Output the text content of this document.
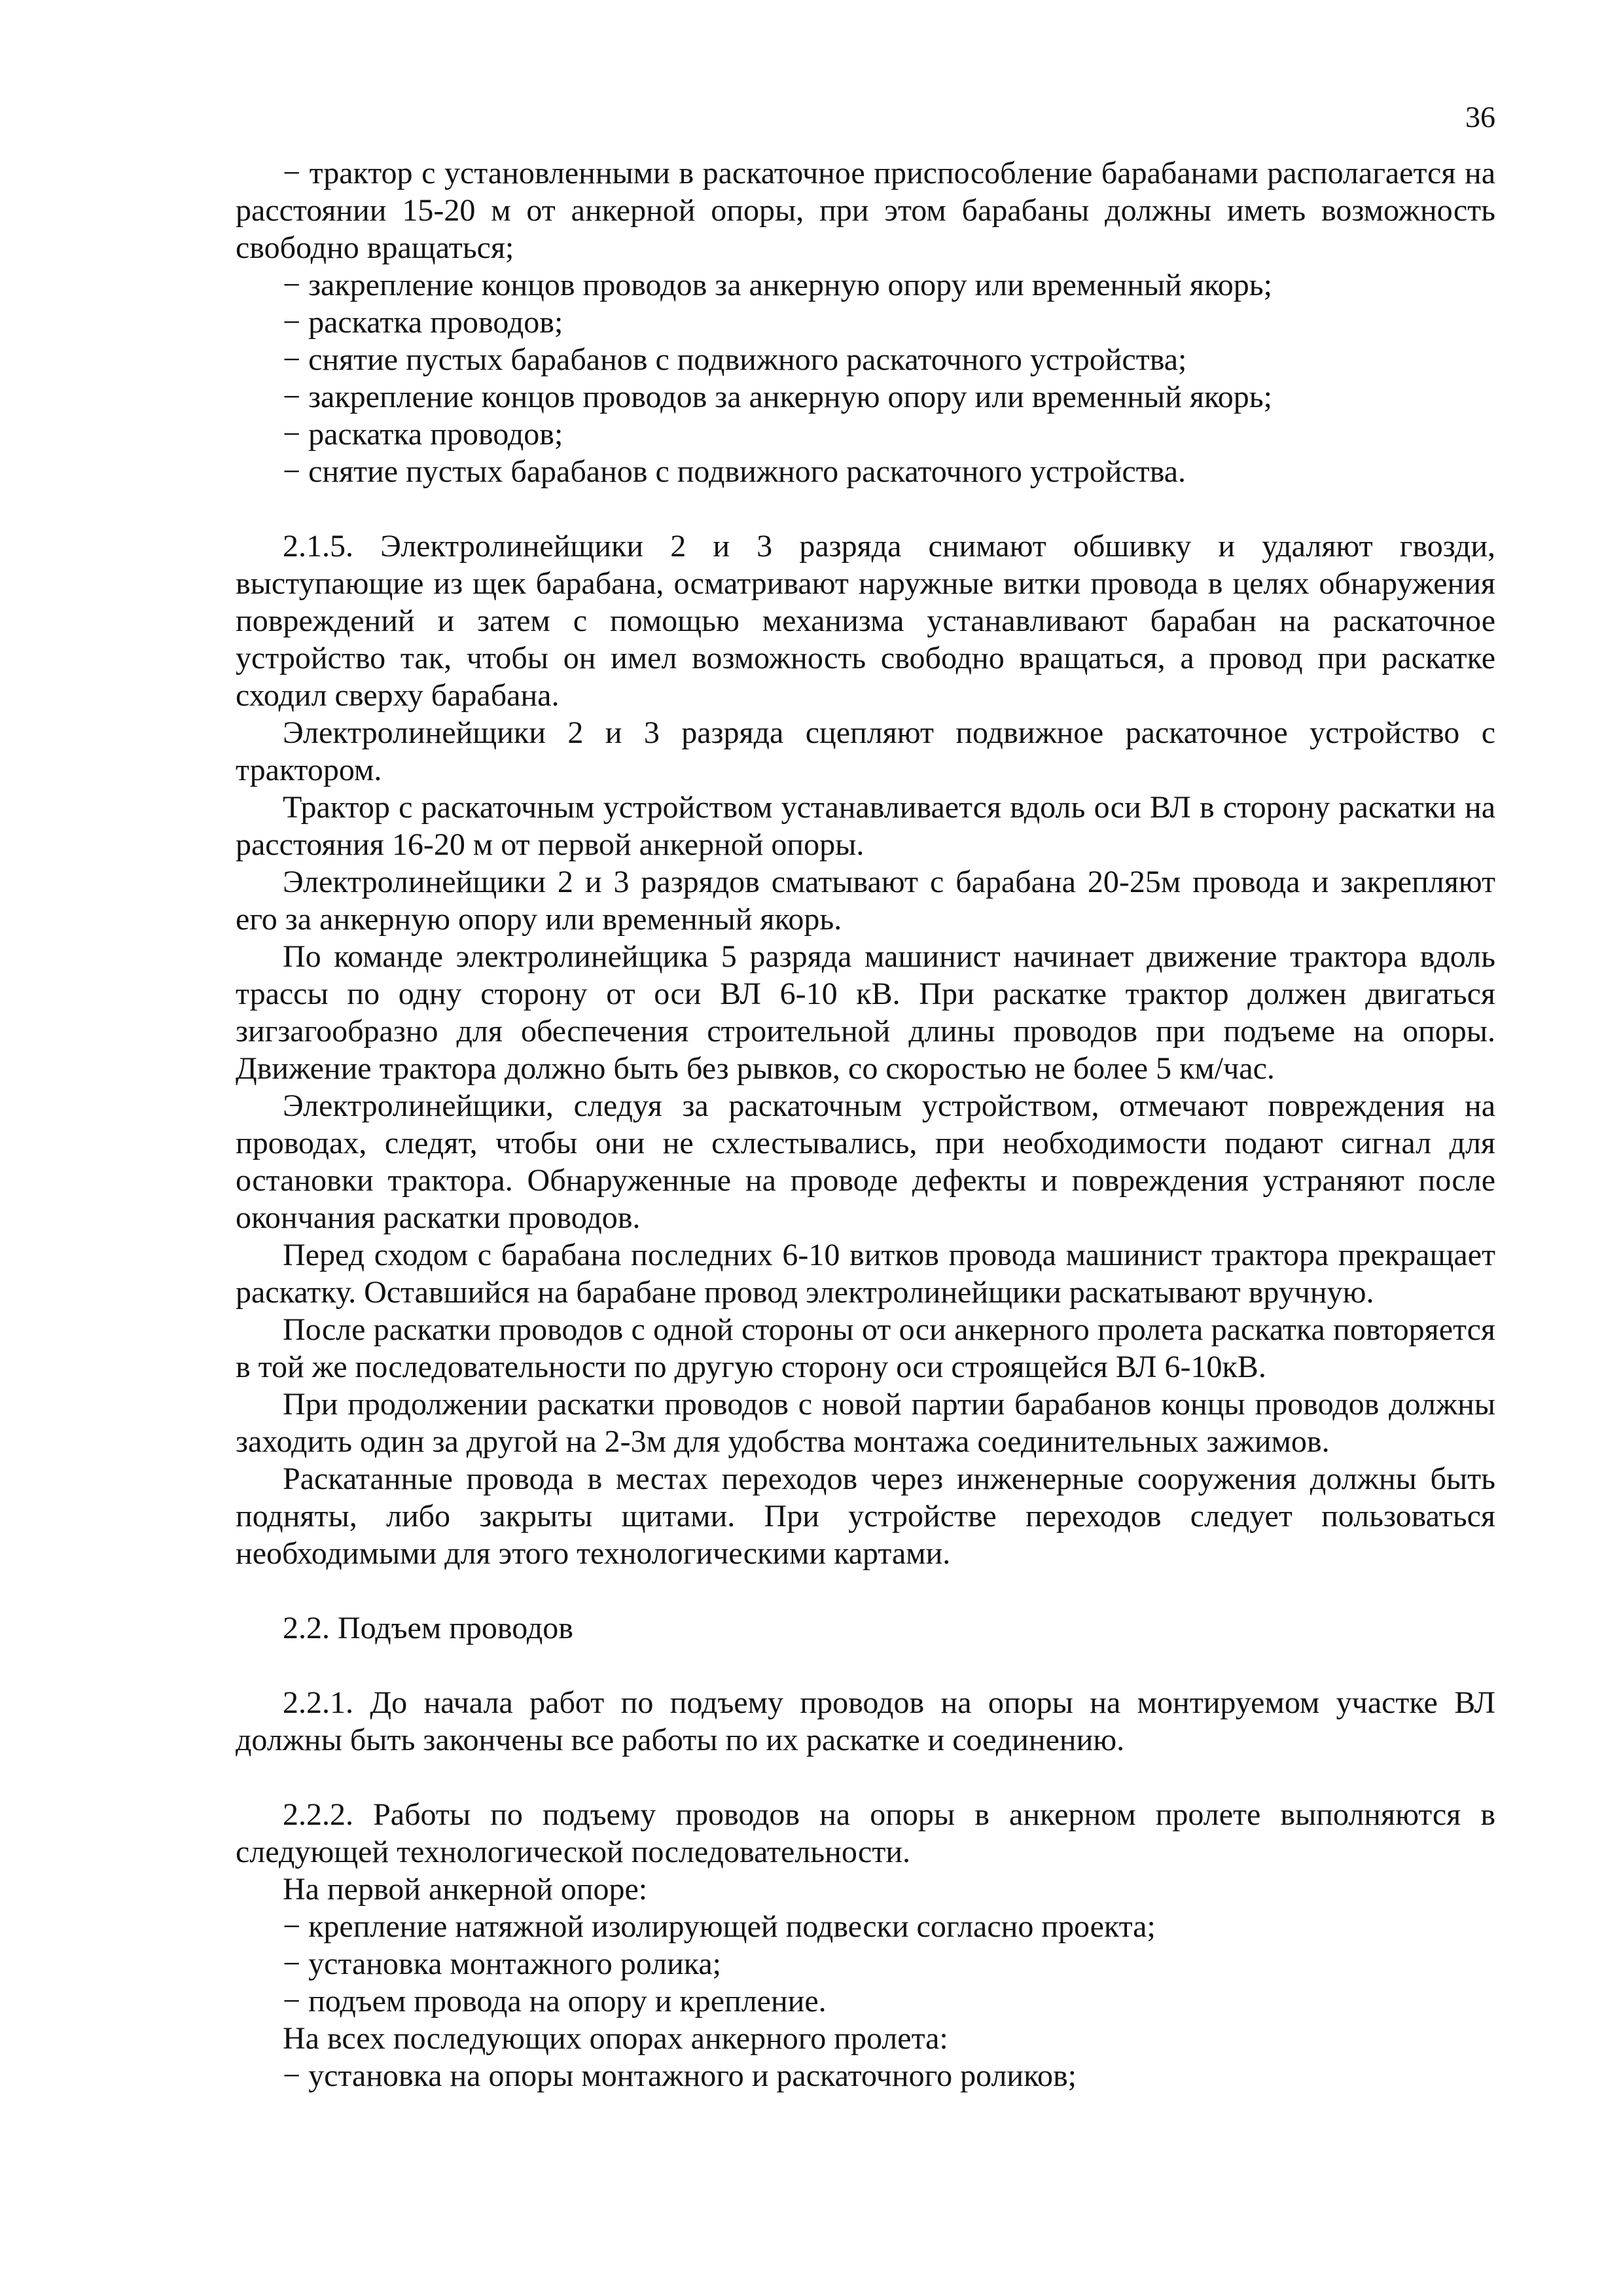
36

− трактор с установленными в раскаточное приспособление барабанами располагается на расстоянии 15-20 м от анкерной опоры, при этом барабаны должны иметь возможность свободно вращаться;

− закрепление концов проводов за анкерную опору или временный якорь;

− раскатка проводов;

− снятие пустых барабанов с подвижного раскаточного устройства;

− закрепление концов проводов за анкерную опору или временный якорь;

− раскатка проводов;

− снятие пустых барабанов с подвижного раскаточного устройства.

2.1.5. Электролинейщики 2 и 3 разряда снимают обшивку и удаляют гвозди, выступающие из щек барабана, осматривают наружные витки провода в целях обнаружения повреждений и затем с помощью механизма устанавливают барабан на раскаточное устройство так, чтобы он имел возможность свободно вращаться, а провод при раскатке сходил сверху барабана.

Электролинейщики 2 и 3 разряда сцепляют подвижное раскаточное устройство с трактором.

Трактор с раскаточным устройством устанавливается вдоль оси ВЛ в сторону раскатки на расстояния 16-20 м от первой анкерной опоры.

Электролинейщики 2 и 3 разрядов сматывают с барабана 20-25м провода и закрепляют его за анкерную опору или временный якорь.

По команде электролинейщика 5 разряда машинист начинает движение трактора вдоль трассы по одну сторону от оси ВЛ 6-10 кВ. При раскатке трактор должен двигаться зигзагообразно для обеспечения строительной длины проводов при подъеме на опоры. Движение трактора должно быть без рывков, со скоростью не более 5 км/час.

Электролинейщики, следуя за раскаточным устройством, отмечают повреждения на проводах, следят, чтобы они не схлестывались, при необходимости подают сигнал для остановки трактора. Обнаруженные на проводе дефекты и повреждения устраняют после окончания раскатки проводов.

Перед сходом с барабана последних 6-10 витков провода машинист трактора прекращает раскатку. Оставшийся на барабане провод электролинейщики раскатывают вручную.

После раскатки проводов с одной стороны от оси анкерного пролета раскатка повторяется в той же последовательности по другую сторону оси строящейся ВЛ 6-10кВ.

При продолжении раскатки проводов с новой партии барабанов концы проводов должны заходить один за другой на 2-3м для удобства монтажа соединительных зажимов.

Раскатанные провода в местах переходов через инженерные сооружения должны быть подняты, либо закрыты щитами. При устройстве переходов следует пользоваться необходимыми для этого технологическими картами.

2.2. Подъем проводов

2.2.1. До начала работ по подъему проводов на опоры на монтируемом участке ВЛ должны быть закончены все работы по их раскатке и соединению.

2.2.2. Работы по подъему проводов на опоры в анкерном пролете выполняются в следующей технологической последовательности.

На первой анкерной опоре:

− крепление натяжной изолирующей подвески согласно проекта;

− установка монтажного ролика;

− подъем провода на опору и крепление.

На всех последующих опорах анкерного пролета:

− установка на опоры монтажного и раскаточного роликов;
